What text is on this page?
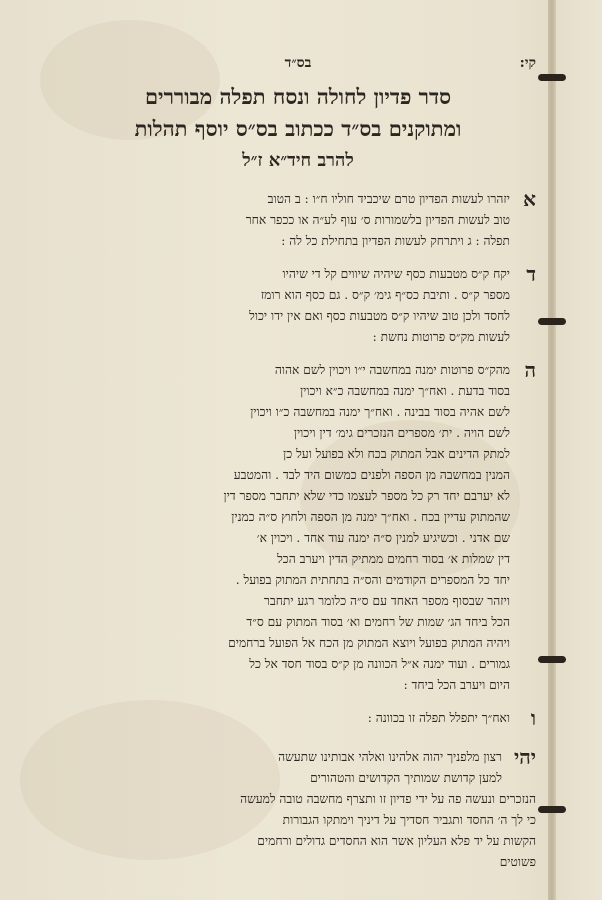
קי:
בס״ד
סדר פדיון לחולה ונסח תפלה מבוררים
ומתוקנים בס״ד ככתוב בס״ס יוסף תהלות
להרב חיד״א ז״ל
א
יזהרו לעשות הפדיון טרם שיכביד חוליו ח״ו : ב הטוב
טוב לעשות הפדיון בלשמורות ס׳ עוף לע״ה או ככפר אחר
תפלה : ג ויתרחק לעשות הפדיון בתחילת כל לה :
ד
יקח ק״ס מטבעות כסף שיהיה שיווים קל די שיהיו
מספר ק״ס . ותיבת כס״ף גימ׳ ק״ס . גם כסף הוא רומז
לחסד ולכן טוב שיהיו ק״ס מטבעות כסף ואם אין ידו יכול
לעשות מק״ס פרוטות נחשת :
ה
מהק״ס פרוטות ימנה במחשבה י״ו ויכוין לשם אהוה
בסוד בדעת . ואח״ך ימנה במחשבה כ״א ויכוין
לשם אהיה בסוד בבינה . ואח״ך ימנה במחשבה כ״ו ויכוין
לשם הויה . ית׳ מספרים הנזכרים גימ׳ דין ויכוין
למתק הדינים אבל המתוק בכח ולא בפועל ועל כן
המנין במחשבה מן הספה ולפנים כמשום היד לבד . והמטבע
לא יערבם יחד רק כל מספר לעצמו כדי שלא יתחבר מספר דין
שהמתוק עדיין בכח . ואח״ך ימנה מן הספה ולחוץ ס״ה כמנין
שם אדני . וכשיגיע למנין ס״ה ימנה עוד אחד . ויכוין א׳
דין שמלות א׳ בסוד רחמים ממתיק הדין ויערב הכל
יחד כל המספרים הקודמים והס״ה בתחתית המתוק בפועל .
ויזהר שבסוף מספר האחד עם ס״ה כלומר רגע יתחבר
הכל ביחד הג׳ שמות של רחמים וא׳ בסוד המתוק עם ס״ד
ויהיה המתוק בפועל ויוצא המתוק מן הכח אל הפועל ברחמים
גמורים . ועוד ימנה א״ל הכוונה מן ק״ס בסוד חסד אל כל
היום ויערב הכל ביחד :
ו
ואח״ך יתפלל תפלה זו בכוונה :
יהי
רצון מלפניך יהוה אלהינו ואלהי אבותינו שתעשה
למען קדושת שמותיך הקדושים והטהורים
הנזכרים ונעשה פה על ידי פדיון זו ותצרף מחשבה טובה למעשה
כי לך ה׳ החסד ותגביר חסדיך על דיניך וימתקו הגבורות
הקשות על יד פלא העליון אשר הוא החסדים גדולים ורחמים
פשוטים
